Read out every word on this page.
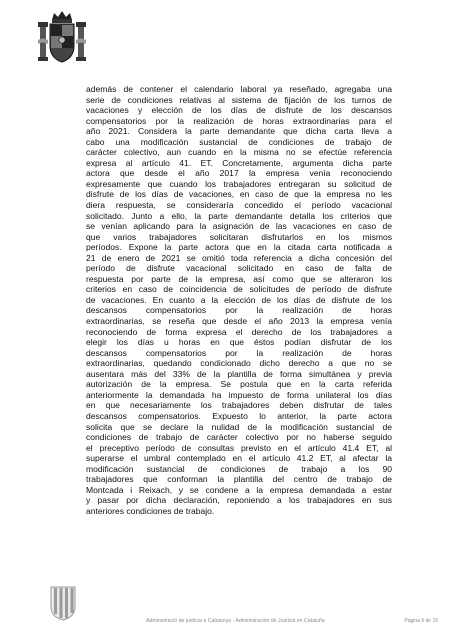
además de contener el calendario laboral ya reseñado, agregaba una

serie de condiciones relativas al sistema de fijación de los turnos de

vacaciones y elección de los días de disfrute de los descansos

compensatorios por la realización de horas extraordinarias para el

año 2021. Considera la parte demandante que dicha carta lleva a

cabo una modificación sustancial de condiciones de trabajo de

carácter colectivo, aun cuando en la misma no se efectúe referencia

expresa al artículo 41. ET. Concretamente, argumenta dicha parte

actora que desde el año 2017 la empresa venía reconociendo

expresamente que cuando los trabajadores entregaran su solicitud de

disfrute de los días de vacaciones, en caso de que la empresa no les

diera respuesta, se consideraría concedido el período vacacional

solicitado. Junto a ello, la parte demandante detalla los criterios que

se venían aplicando para la asignación de las vacaciones en caso de

que varios trabajadores solicitaran disfrutarlos en los mismos

períodos. Expone la parte actora que en la citada carta notificada a

21 de enero de 2021 se omitió toda referencia a dicha concesión del

período de disfrute vacacional solicitado en caso de falta de

respuesta por parte de la empresa, así como que se alteraron los

criterios en caso de coincidencia de solicitudes de período de disfrute

de vacaciones. En cuanto a la elección de los días de disfrute de los

descansos compensatorios por la realización de horas

extraordinarias, se reseña que desde el año 2013 la empresa venía

reconociendo de forma expresa el derecho de los trabajadores a

elegir los días u horas en que éstos podían disfrutar de los

descansos compensatorios por la realización de horas

extraordinarias, quedando condicionado dicho derecho a que no se

ausentara más del 33% de la plantilla de forma simultánea y previa

autorización de la empresa. Se postula que en la carta referida

anteriormente la demandada ha impuesto de forma unilateral los días

en que necesariamente los trabajadores deben disfrutar de tales

descansos compensatorios. Expuesto lo anterior, la parte actora

solicita que se declare la nulidad de la modificación sustancial de

condiciones de trabajo de carácter colectivo por no haberse seguido

el preceptivo período de consultas previsto en el artículo 41.4 ET, al

superarse el umbral contemplado en el artículo 41.2 ET, al afectar la

modificación sustancial de condiciones de trabajo a los 90

trabajadores que conforman la plantilla del centro de trabajo de

Montcada i Reixach, y se condene a la empresa demandada a estar

y pasar por dicha declaración, reponiendo a los trabajadores en sus

anteriores condiciones de trabajo.

Administració de justícia a Catalunya · Administración de Justicia en Cataluña	Página 6 de 15
